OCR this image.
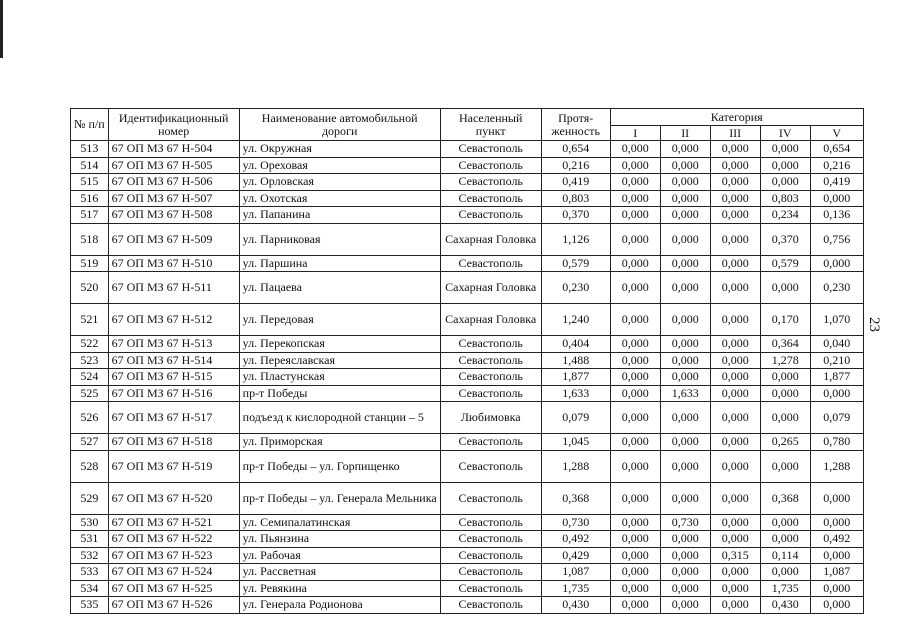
23
№ п/п	Идентификационный номер	Наименование автомобильной дороги	Населенный пункт	Протя- женность	Категория				
					I	II	III	IV	V
513	67 ОП МЗ 67 Н-504	ул. Окружная	Севастополь	0,654	0,000	0,000	0,000	0,000	0,654
514	67 ОП МЗ 67 Н-505	ул. Ореховая	Севастополь	0,216	0,000	0,000	0,000	0,000	0,216
515	67 ОП МЗ 67 Н-506	ул. Орловская	Севастополь	0,419	0,000	0,000	0,000	0,000	0,419
516	67 ОП МЗ 67 Н-507	ул. Охотская	Севастополь	0,803	0,000	0,000	0,000	0,803	0,000
517	67 ОП МЗ 67 Н-508	ул. Папанина	Севастополь	0,370	0,000	0,000	0,000	0,234	0,136
518	67 ОП МЗ 67 Н-509	ул. Парниковая	Сахарная Головка	1,126	0,000	0,000	0,000	0,370	0,756
519	67 ОП МЗ 67 Н-510	ул. Паршина	Севастополь	0,579	0,000	0,000	0,000	0,579	0,000
520	67 ОП МЗ 67 Н-511	ул. Пацаева	Сахарная Головка	0,230	0,000	0,000	0,000	0,000	0,230
521	67 ОП МЗ 67 Н-512	ул. Передовая	Сахарная Головка	1,240	0,000	0,000	0,000	0,170	1,070
522	67 ОП МЗ 67 Н-513	ул. Перекопская	Севастополь	0,404	0,000	0,000	0,000	0,364	0,040
523	67 ОП МЗ 67 Н-514	ул. Переяславская	Севастополь	1,488	0,000	0,000	0,000	1,278	0,210
524	67 ОП МЗ 67 Н-515	ул. Пластунская	Севастополь	1,877	0,000	0,000	0,000	0,000	1,877
525	67 ОП МЗ 67 Н-516	пр-т Победы	Севастополь	1,633	0,000	1,633	0,000	0,000	0,000
526	67 ОП МЗ 67 Н-517	подъезд к кислородной станции – 5	Любимовка	0,079	0,000	0,000	0,000	0,000	0,079
527	67 ОП МЗ 67 Н-518	ул. Приморская	Севастополь	1,045	0,000	0,000	0,000	0,265	0,780
528	67 ОП МЗ 67 Н-519	пр-т Победы – ул. Горпищенко	Севастополь	1,288	0,000	0,000	0,000	0,000	1,288
529	67 ОП МЗ 67 Н-520	пр-т Победы – ул. Генерала Мельника	Севастополь	0,368	0,000	0,000	0,000	0,368	0,000
530	67 ОП МЗ 67 Н-521	ул. Семипалатинская	Севастополь	0,730	0,000	0,730	0,000	0,000	0,000
531	67 ОП МЗ 67 Н-522	ул. Пьянзина	Севастополь	0,492	0,000	0,000	0,000	0,000	0,492
532	67 ОП МЗ 67 Н-523	ул. Рабочая	Севастополь	0,429	0,000	0,000	0,315	0,114	0,000
533	67 ОП МЗ 67 Н-524	ул. Рассветная	Севастополь	1,087	0,000	0,000	0,000	0,000	1,087
534	67 ОП МЗ 67 Н-525	ул. Ревякина	Севастополь	1,735	0,000	0,000	0,000	1,735	0,000
535	67 ОП МЗ 67 Н-526	ул. Генерала Родионова	Севастополь	0,430	0,000	0,000	0,000	0,430	0,000
